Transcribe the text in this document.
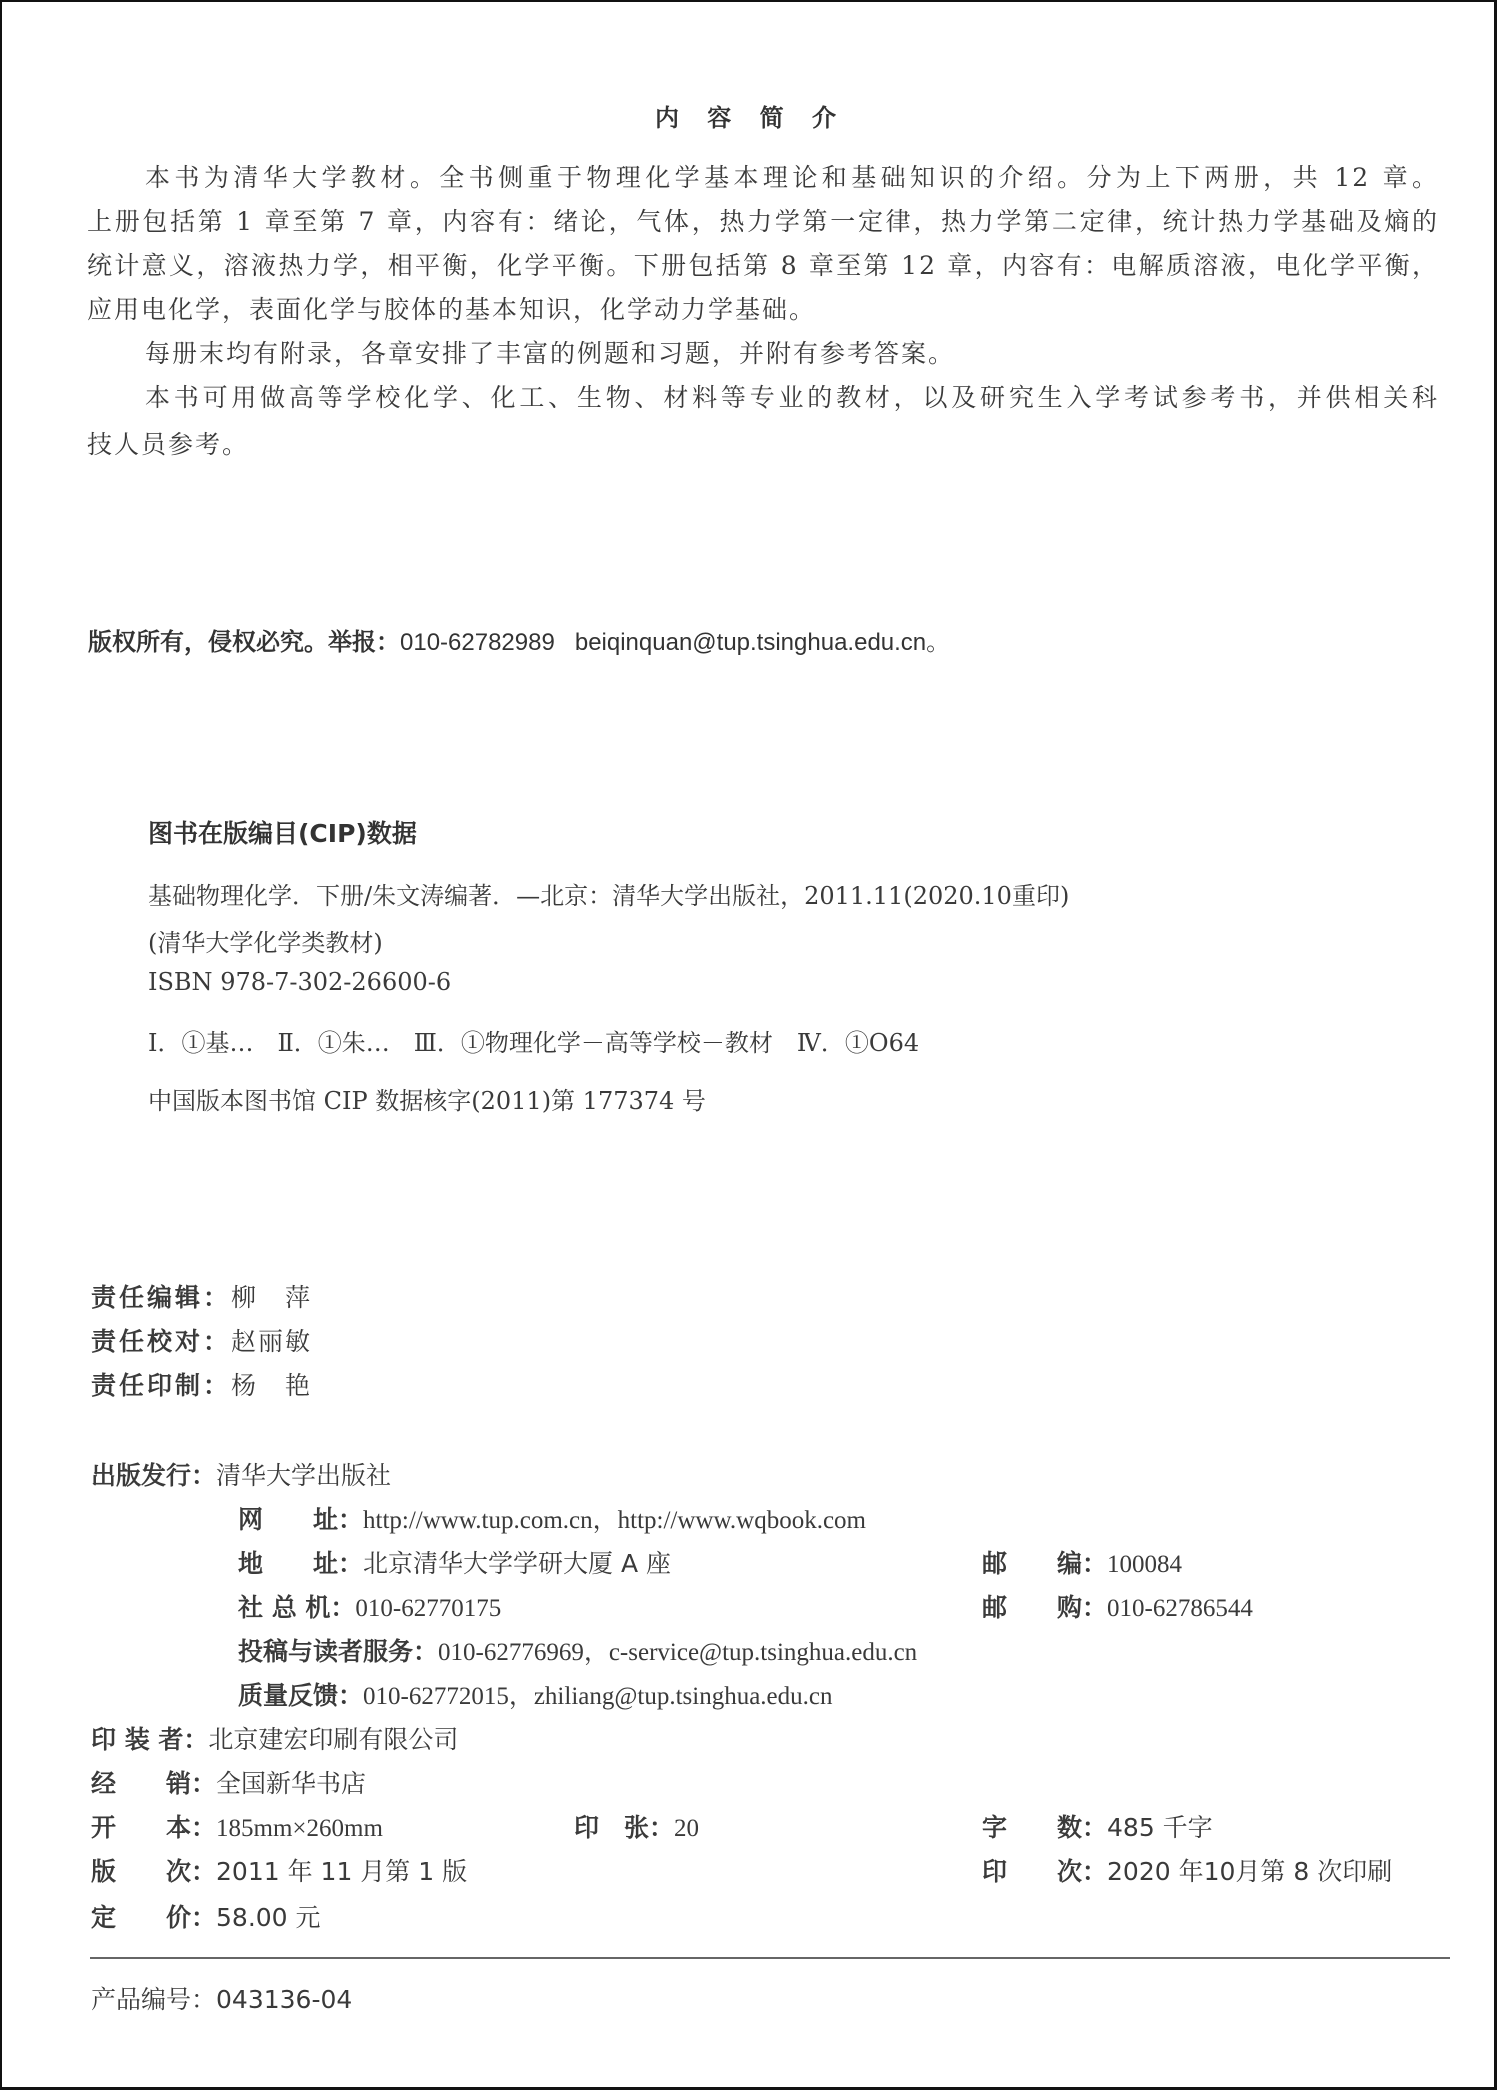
内 容 简 介
本书为清华大学教材。全书侧重于物理化学基本理论和基础知识的介绍。分为上下两册，共 12 章。
上册包括第 1 章至第 7 章，内容有：绪论，气体，热力学第一定律，热力学第二定律，统计热力学基础及熵的
统计意义，溶液热力学，相平衡，化学平衡。下册包括第 8 章至第 12 章，内容有：电解质溶液，电化学平衡，
应用电化学，表面化学与胶体的基本知识，化学动力学基础。
每册末均有附录，各章安排了丰富的例题和习题，并附有参考答案。
本书可用做高等学校化学、化工、生物、材料等专业的教材，以及研究生入学考试参考书，并供相关科
技人员参考。
版权所有，侵权必究。举报：010-62782989 beiqinquan@tup.tsinghua.edu.cn。
图书在版编目(CIP)数据
基础物理化学．下册/朱文涛编著．—北京：清华大学出版社，2011.11(2020.10重印)
(清华大学化学类教材)
ISBN 978-7-302-26600-6
Ⅰ．①基…　Ⅱ．①朱…　Ⅲ．①物理化学－高等学校－教材　Ⅳ．①O64
中国版本图书馆 CIP 数据核字(2011)第 177374 号
责任编辑：柳　萍
责任校对：赵丽敏
责任印制：杨　艳
出版发行：清华大学出版社
网　　址：http://www.tup.com.cn，http://www.wqbook.com
地　　址：北京清华大学学研大厦 A 座	邮　　编：100084
社 总 机：010-62770175	邮　　购：010-62786544
投稿与读者服务：010-62776969，c-service@tup.tsinghua.edu.cn
质量反馈：010-62772015，zhiliang@tup.tsinghua.edu.cn
印 装 者：北京建宏印刷有限公司
经　　销：全国新华书店
开　　本：185mm×260mm	印　张：20	字　　数：485 千字
版　　次：2011 年 11 月第 1 版	印　　次：2020 年10月第 8 次印刷
定　　价：58.00 元
产品编号：043136-04
